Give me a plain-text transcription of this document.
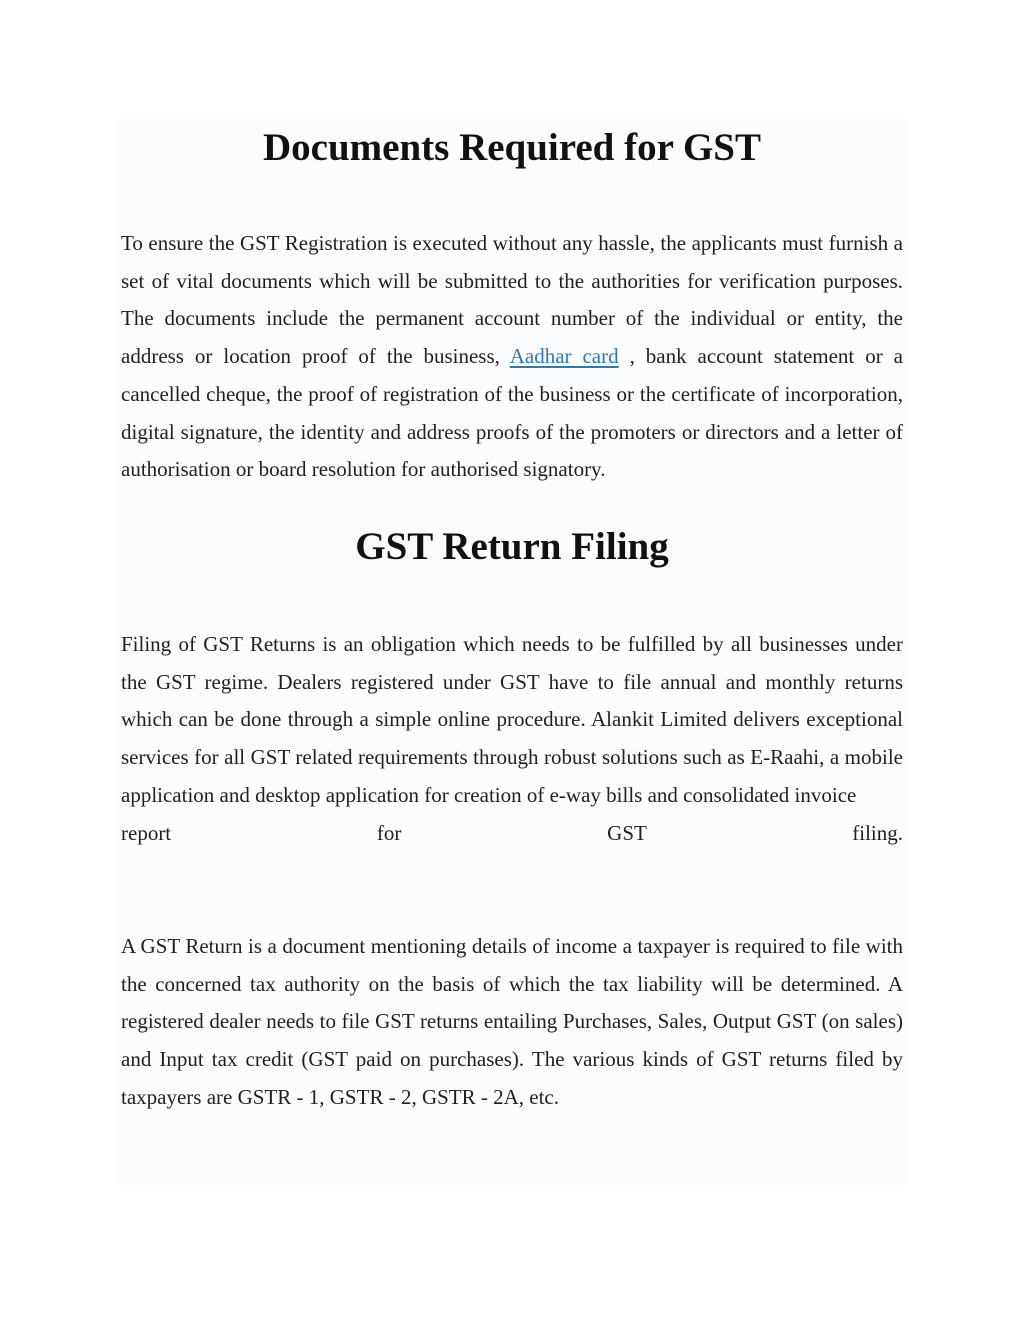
Documents Required for GST

To ensure the GST Registration is executed without any hassle, the applicants must furnish a set of vital documents which will be submitted to the authorities for verification purposes. The documents include the permanent account number of the individual or entity, the address or location proof of the business, Aadhar card , bank account statement or a cancelled cheque, the proof of registration of the business or the certificate of incorporation, digital signature, the identity and address proofs of the promoters or directors and a letter of authorisation or board resolution for authorised signatory.

GST Return Filing

Filing of GST Returns is an obligation which needs to be fulfilled by all businesses under the GST regime. Dealers registered under GST have to file annual and monthly returns which can be done through a simple online procedure. Alankit Limited delivers exceptional services for all GST related requirements through robust solutions such as E-Raahi, a mobile application and desktop application for creation of e-way bills and consolidated invoice
report for GST filing.

A GST Return is a document mentioning details of income a taxpayer is required to file with the concerned tax authority on the basis of which the tax liability will be determined. A registered dealer needs to file GST returns entailing Purchases, Sales, Output GST (on sales) and Input tax credit (GST paid on purchases). The various kinds of GST returns filed by taxpayers are GSTR - 1, GSTR - 2, GSTR - 2A, etc.
